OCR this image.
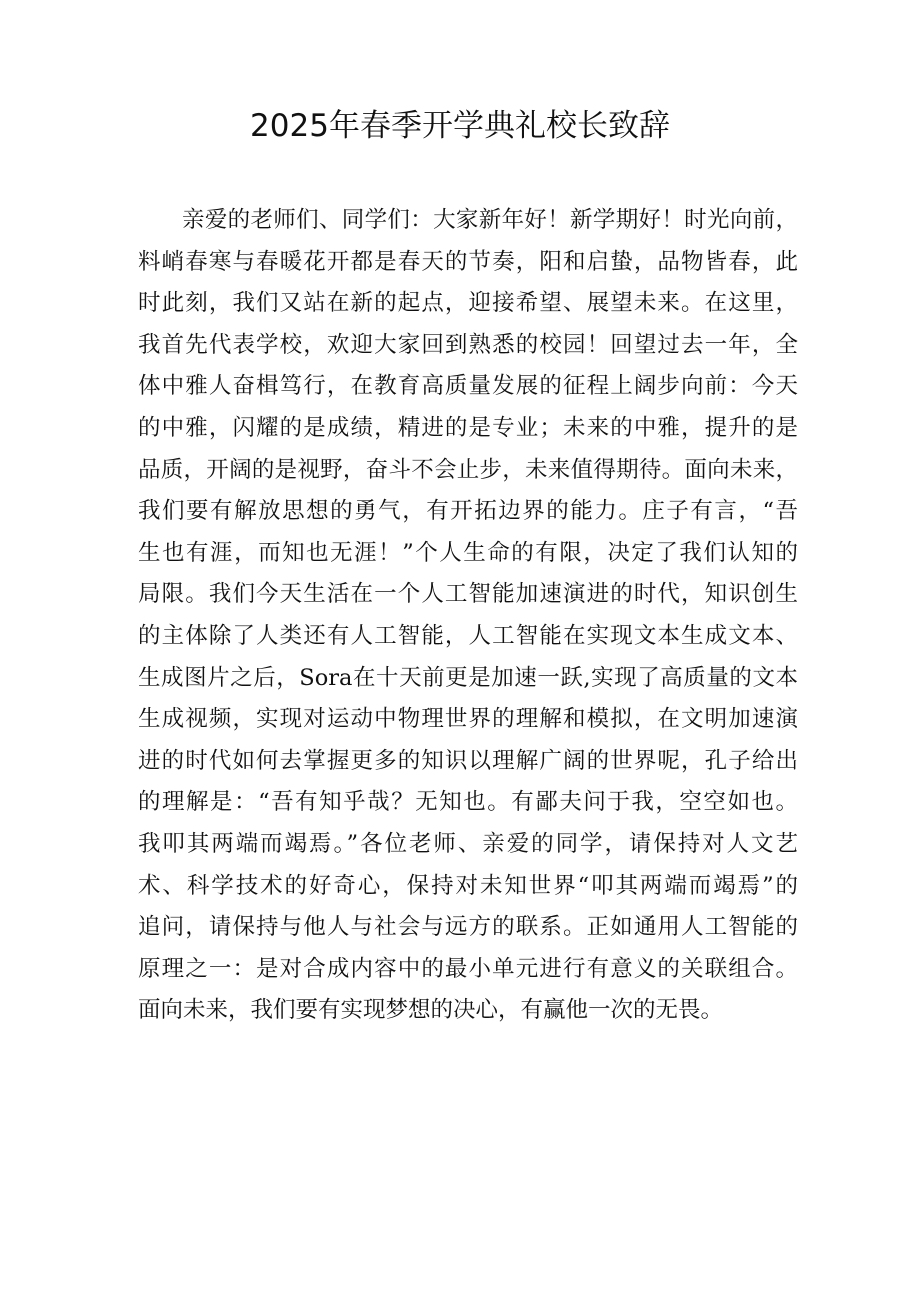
2025年春季开学典礼校长致辞
亲爱的老师们、同学们：大家新年好！新学期好！时光向前，
料峭春寒与春暖花开都是春天的节奏，阳和启蛰，品物皆春，此
时此刻，我们又站在新的起点，迎接希望、展望未来。在这里，
我首先代表学校，欢迎大家回到熟悉的校园！回望过去一年，全
体中雅人奋楫笃行，在教育高质量发展的征程上阔步向前：今天
的中雅，闪耀的是成绩，精进的是专业；未来的中雅，提升的是
品质，开阔的是视野，奋斗不会止步，未来值得期待。面向未来，
我们要有解放思想的勇气，有开拓边界的能力。庄子有言，“吾
生也有涯，而知也无涯！”个人生命的有限，决定了我们认知的
局限。我们今天生活在一个人工智能加速演进的时代，知识创生
的主体除了人类还有人工智能，人工智能在实现文本生成文本、
生成图片之后，Sora在十天前更是加速一跃,实现了高质量的文本
生成视频，实现对运动中物理世界的理解和模拟，在文明加速演
进的时代如何去掌握更多的知识以理解广阔的世界呢，孔子给出
的理解是：“吾有知乎哉？无知也。有鄙夫问于我，空空如也。
我叩其两端而竭焉。”各位老师、亲爱的同学，请保持对人文艺
术、科学技术的好奇心，保持对未知世界“叩其两端而竭焉”的
追问，请保持与他人与社会与远方的联系。正如通用人工智能的
原理之一：是对合成内容中的最小单元进行有意义的关联组合。
面向未来，我们要有实现梦想的决心，有赢他一次的无畏。
